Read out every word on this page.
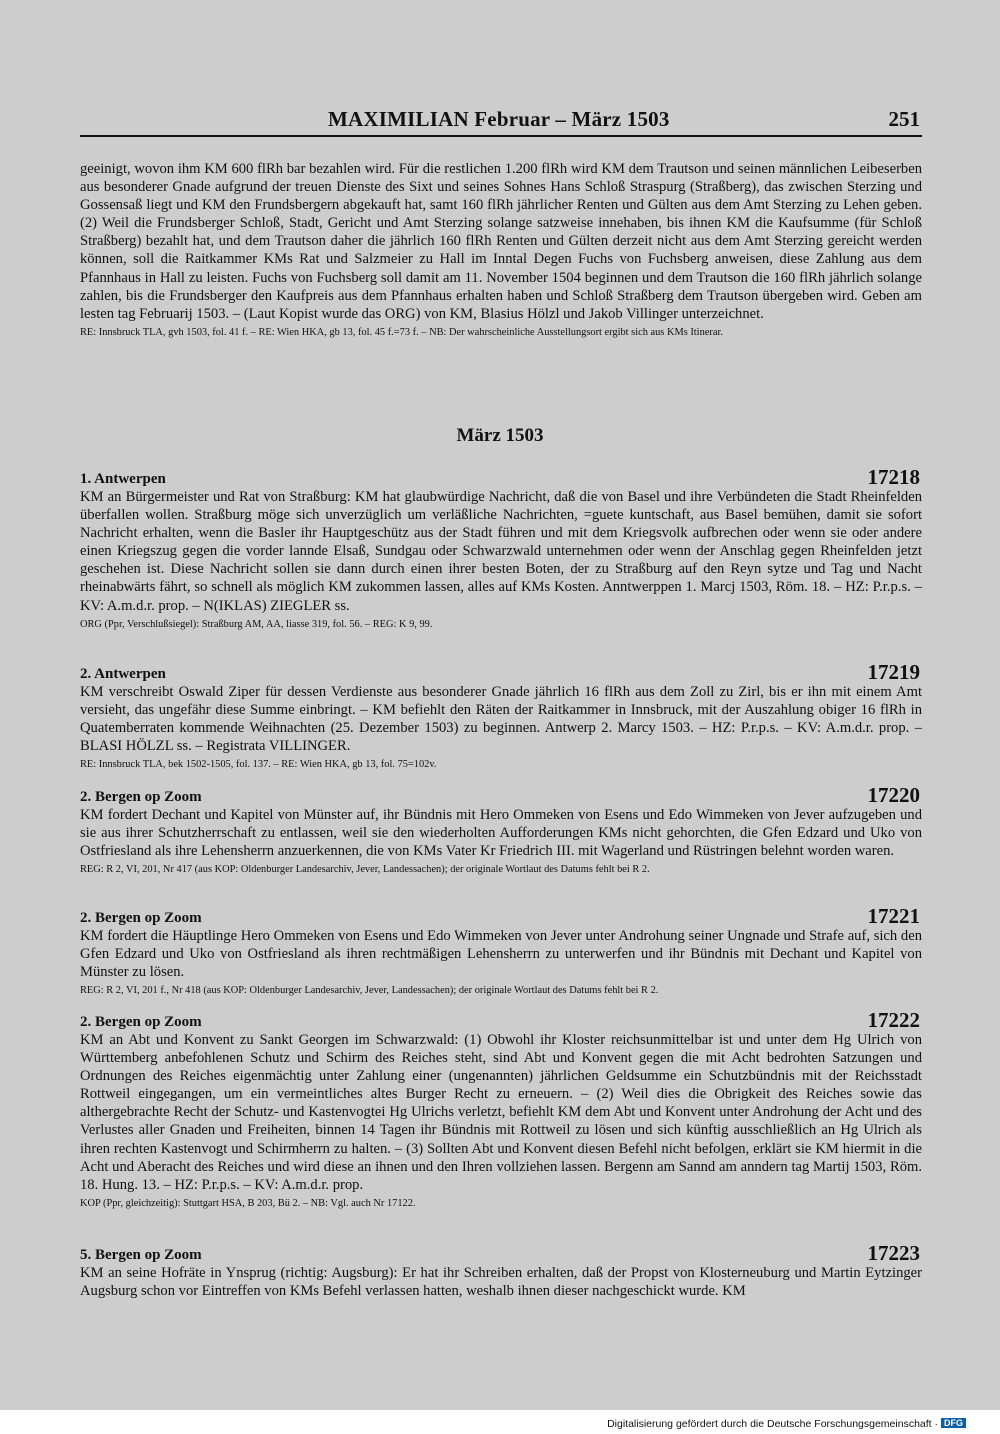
MAXIMILIAN Februar – März 1503	251
geeinigt, wovon ihm KM 600 flRh bar bezahlen wird. Für die restlichen 1.200 flRh wird KM dem Trautson und seinen männlichen Leibeserben aus besonderer Gnade aufgrund der treuen Dienste des Sixt und seines Sohnes Hans Schloß Straspurg (Straßberg), das zwischen Sterzing und Gossensaß liegt und KM den Frundsbergern abgekauft hat, samt 160 flRh jährlicher Renten und Gülten aus dem Amt Sterzing zu Lehen geben. (2) Weil die Frundsberger Schloß, Stadt, Gericht und Amt Sterzing solange satzweise innehaben, bis ihnen KM die Kaufsumme (für Schloß Straßberg) bezahlt hat, und dem Trautson daher die jährlich 160 flRh Renten und Gülten derzeit nicht aus dem Amt Sterzing gereicht werden können, soll die Raitkammer KMs Rat und Salzmeier zu Hall im Inntal Degen Fuchs von Fuchsberg anweisen, diese Zahlung aus dem Pfannhaus in Hall zu leisten. Fuchs von Fuchsberg soll damit am 11. November 1504 beginnen und dem Trautson die 160 flRh jährlich solange zahlen, bis die Frundsberger den Kaufpreis aus dem Pfannhaus erhalten haben und Schloß Straßberg dem Trautson übergeben wird. Geben am lesten tag Februarij 1503. – (Laut Kopist wurde das ORG) von KM, Blasius Hölzl und Jakob Villinger unterzeichnet.
RE: Innsbruck TLA, gvh 1503, fol. 41 f. – RE: Wien HKA, gb 13, fol. 45 f.=73 f. – NB: Der wahrscheinliche Ausstellungsort ergibt sich aus KMs Itinerar.
März 1503
1. Antwerpen	17218
KM an Bürgermeister und Rat von Straßburg: KM hat glaubwürdige Nachricht, daß die von Basel und ihre Verbündeten die Stadt Rheinfelden überfallen wollen. Straßburg möge sich unverzüglich um verläßliche Nachrichten, =guete kuntschaft, aus Basel bemühen, damit sie sofort Nachricht erhalten, wenn die Basler ihr Hauptgeschütz aus der Stadt führen und mit dem Kriegsvolk aufbrechen oder wenn sie oder andere einen Kriegszug gegen die vorder lannde Elsaß, Sundgau oder Schwarzwald unternehmen oder wenn der Anschlag gegen Rheinfelden jetzt geschehen ist. Diese Nachricht sollen sie dann durch einen ihrer besten Boten, der zu Straßburg auf den Reyn sytze und Tag und Nacht rheinabwärts fährt, so schnell als möglich KM zukommen lassen, alles auf KMs Kosten. Anntwerppen 1. Marcj 1503, Röm. 18. – HZ: P.r.p.s. – KV: A.m.d.r. prop. – N(IKLAS) ZIEGLER ss.
ORG (Ppr, Verschlußsiegel): Straßburg AM, AA, liasse 319, fol. 56. – REG: K 9, 99.
2. Antwerpen	17219
KM verschreibt Oswald Ziper für dessen Verdienste aus besonderer Gnade jährlich 16 flRh aus dem Zoll zu Zirl, bis er ihn mit einem Amt versieht, das ungefähr diese Summe einbringt. – KM befiehlt den Räten der Raitkammer in Innsbruck, mit der Auszahlung obiger 16 flRh in Quatemberraten kommende Weihnachten (25. Dezember 1503) zu beginnen. Antwerp 2. Marcy 1503. – HZ: P.r.p.s. – KV: A.m.d.r. prop. – BLASI HÖLZL ss. – Registrata VILLINGER.
RE: Innsbruck TLA, bek 1502-1505, fol. 137. – RE: Wien HKA, gb 13, fol. 75=102v.
2. Bergen op Zoom	17220
KM fordert Dechant und Kapitel von Münster auf, ihr Bündnis mit Hero Ommeken von Esens und Edo Wimmeken von Jever aufzugeben und sie aus ihrer Schutzherrschaft zu entlassen, weil sie den wiederholten Aufforderungen KMs nicht gehorchten, die Gfen Edzard und Uko von Ostfriesland als ihre Lehensherrn anzuerkennen, die von KMs Vater Kr Friedrich III. mit Wagerland und Rüstringen belehnt worden waren.
REG: R 2, VI, 201, Nr 417 (aus KOP: Oldenburger Landesarchiv, Jever, Landessachen); der originale Wortlaut des Datums fehlt bei R 2.
2. Bergen op Zoom	17221
KM fordert die Häuptlinge Hero Ommeken von Esens und Edo Wimmeken von Jever unter Androhung seiner Ungnade und Strafe auf, sich den Gfen Edzard und Uko von Ostfriesland als ihren rechtmäßigen Lehensherrn zu unterwerfen und ihr Bündnis mit Dechant und Kapitel von Münster zu lösen.
REG: R 2, VI, 201 f., Nr 418 (aus KOP: Oldenburger Landesarchiv, Jever, Landessachen); der originale Wortlaut des Datums fehlt bei R 2.
2. Bergen op Zoom	17222
KM an Abt und Konvent zu Sankt Georgen im Schwarzwald: (1) Obwohl ihr Kloster reichsunmittelbar ist und unter dem Hg Ulrich von Württemberg anbefohlenen Schutz und Schirm des Reiches steht, sind Abt und Konvent gegen die mit Acht bedrohten Satzungen und Ordnungen des Reiches eigenmächtig unter Zahlung einer (ungenannten) jährlichen Geldsumme ein Schutzbündnis mit der Reichsstadt Rottweil eingegangen, um ein vermeintliches altes Burger Recht zu erneuern. – (2) Weil dies die Obrigkeit des Reiches sowie das althergebrachte Recht der Schutz- und Kastenvogtei Hg Ulrichs verletzt, befiehlt KM dem Abt und Konvent unter Androhung der Acht und des Verlustes aller Gnaden und Freiheiten, binnen 14 Tagen ihr Bündnis mit Rottweil zu lösen und sich künftig ausschließlich an Hg Ulrich als ihren rechten Kastenvogt und Schirmherrn zu halten. – (3) Sollten Abt und Konvent diesen Befehl nicht befolgen, erklärt sie KM hiermit in die Acht und Aberacht des Reiches und wird diese an ihnen und den Ihren vollziehen lassen. Bergenn am Sannd am anndern tag Martij 1503, Röm. 18. Hung. 13. – HZ: P.r.p.s. – KV: A.m.d.r. prop.
KOP (Ppr, gleichzeitig): Stuttgart HSA, B 203, Bü 2. – NB: Vgl. auch Nr 17122.
5. Bergen op Zoom	17223
KM an seine Hofräte in Ynsprug (richtig: Augsburg): Er hat ihr Schreiben erhalten, daß der Propst von Klosterneuburg und Martin Eytzinger Augsburg schon vor Eintreffen von KMs Befehl verlassen hatten, weshalb ihnen dieser nachgeschickt wurde. KM
Digitalisierung gefördert durch die Deutsche Forschungsgemeinschaft · DFG
